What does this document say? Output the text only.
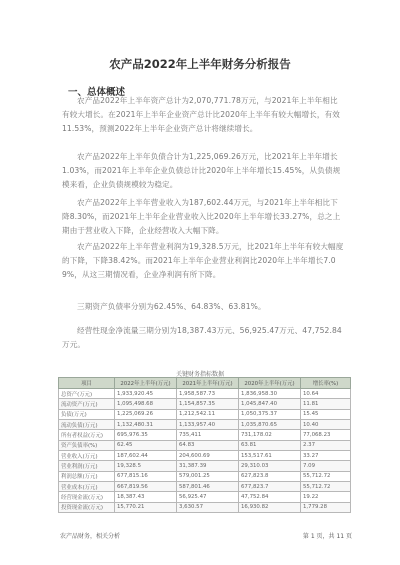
农产品2022年上半年财务分析报告
一、总体概述

农产品2022年上半年资产总计为2,070,771.78万元，与2021年上半年相比有较大增长。在2021年上半年企业资产总计比2020年上半年有较大幅增长，有效11.53%，预测2022年上半年企业资产总计将继续增长。

农产品2022年上半年负债合计为1,225,069.26万元，比2021年上半年增长1.03%，而2021年上半年企业负债总计比2020年上半年增长15.45%，从负债规模来看，企业负债规模较为稳定。

农产品2022年上半年营业收入为187,602.44万元，与2021年上半年相比下降8.30%，而2021年上半年企业营业收入比2020年上半年增长33.27%，总之上期由于营业收入下降，企业经营收入大幅下降。

农产品2022年上半年营业利润为19,328.5万元，比2021年上半年有较大幅度的下降，下降38.42%。而2021年上半年企业营业利润比2020年上半年增长7.09%，从这三期情况看，企业净利润有所下降。

三期资产负债率分别为62.45%、64.83%、63.81%。

经营性现金净流量三期分别为18,387.43万元、56,925.47万元、47,752.84万元。

关键财务指标数据
项目	2022年上半年(万元)	2021年上半年(万元)	2020年上半年(万元)	增长率(%)
总资产(万元)	1,933,920.45	1,958,587.73	1,836,958.30	10.64
流动资产(万元)	1,095,498.68	1,154,857.35	1,045,847.40	11.81
负债(万元)	1,225,069.26	1,212,542.11	1,050,375.37	15.45
流动负债(万元)	1,132,480.31	1,133,957.40	1,035,870.65	10.40
所有者权益(万元)	695,976.35	735,411	731,178.02	77,068.23
资产负债率(%)	62.45	64.83	63.81	2.37
营业收入(万元)	187,602.44	204,600.69	153,517.61	33.27
营业利润(万元)	19,328.5	31,387.39	29,310.03	7.09
利润总额(万元)	677,815.16	579,001.25	627,823.8	55,712.72
营业成本(万元)	667,819.56	587,801.46	677,823.7	55,712.72
经营现金流(万元)	18,387.43	56,925.47	47,752.84	19.22
投资现金流(万元)	15,770.21	3,630.57	16,930.82	1,779.28
农产品财务，相关分析	第 1 页，共 11 页
